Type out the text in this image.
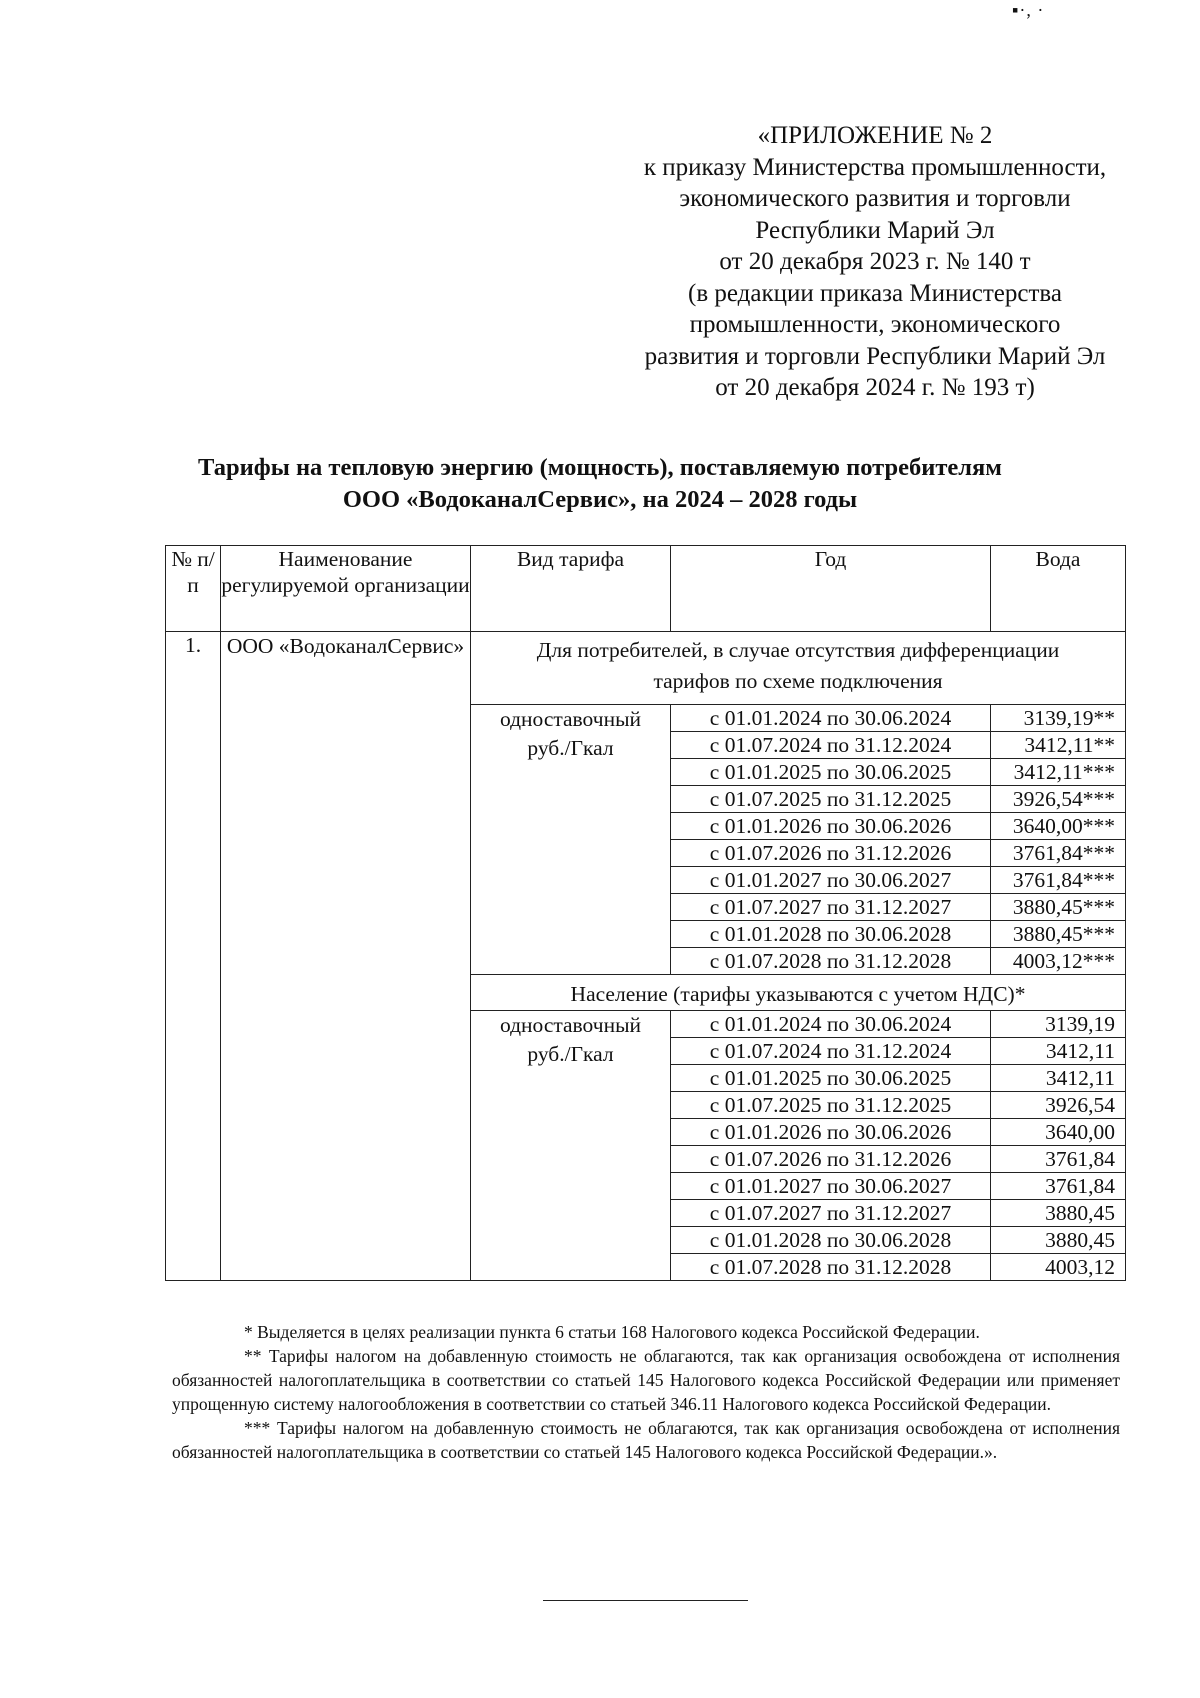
▪·, ·
«ПРИЛОЖЕНИЕ № 2
к приказу Министерства промышленности,
экономического развития и торговли
Республики Марий Эл
от 20 декабря 2023 г. № 140 т
(в редакции приказа Министерства
промышленности, экономического
развития и торговли Республики Марий Эл
от 20 декабря 2024 г. № 193 т)
Тарифы на тепловую энергию (мощность), поставляемую потребителям
ООО «ВодоканалСервис», на 2024 – 2028 годы
№ п/п	Наименование регулируемой организации	Вид тарифа	Год	Вода
1.	ООО «ВодоканалСервис»	Для потребителей, в случае отсутствия дифференциации тарифов по схеме подключения		
		одноставочный руб./Гкал	с 01.01.2024 по 30.06.2024	3139,19**
			с 01.07.2024 по 31.12.2024	3412,11**
			с 01.01.2025 по 30.06.2025	3412,11***
			с 01.07.2025 по 31.12.2025	3926,54***
			с 01.01.2026 по 30.06.2026	3640,00***
			с 01.07.2026 по 31.12.2026	3761,84***
			с 01.01.2027 по 30.06.2027	3761,84***
			с 01.07.2027 по 31.12.2027	3880,45***
			с 01.01.2028 по 30.06.2028	3880,45***
			с 01.07.2028 по 31.12.2028	4003,12***
		Население (тарифы указываются с учетом НДС)*		
		одноставочный руб./Гкал	с 01.01.2024 по 30.06.2024	3139,19
			с 01.07.2024 по 31.12.2024	3412,11
			с 01.01.2025 по 30.06.2025	3412,11
			с 01.07.2025 по 31.12.2025	3926,54
			с 01.01.2026 по 30.06.2026	3640,00
			с 01.07.2026 по 31.12.2026	3761,84
			с 01.01.2027 по 30.06.2027	3761,84
			с 01.07.2027 по 31.12.2027	3880,45
			с 01.01.2028 по 30.06.2028	3880,45
			с 01.07.2028 по 31.12.2028	4003,12

* Выделяется в целях реализации пункта 6 статьи 168 Налогового кодекса Российской Федерации.

** Тарифы налогом на добавленную стоимость не облагаются, так как организация освобождена от исполнения обязанностей налогоплательщика в соответствии со статьей 145 Налогового кодекса Российской Федерации или применяет упрощенную систему налогообложения в соответствии со статьей 346.11 Налогового кодекса Российской Федерации.

*** Тарифы налогом на добавленную стоимость не облагаются, так как организация освобождена от исполнения обязанностей налогоплательщика в соответствии со статьей 145 Налогового кодекса Российской Федерации.».
